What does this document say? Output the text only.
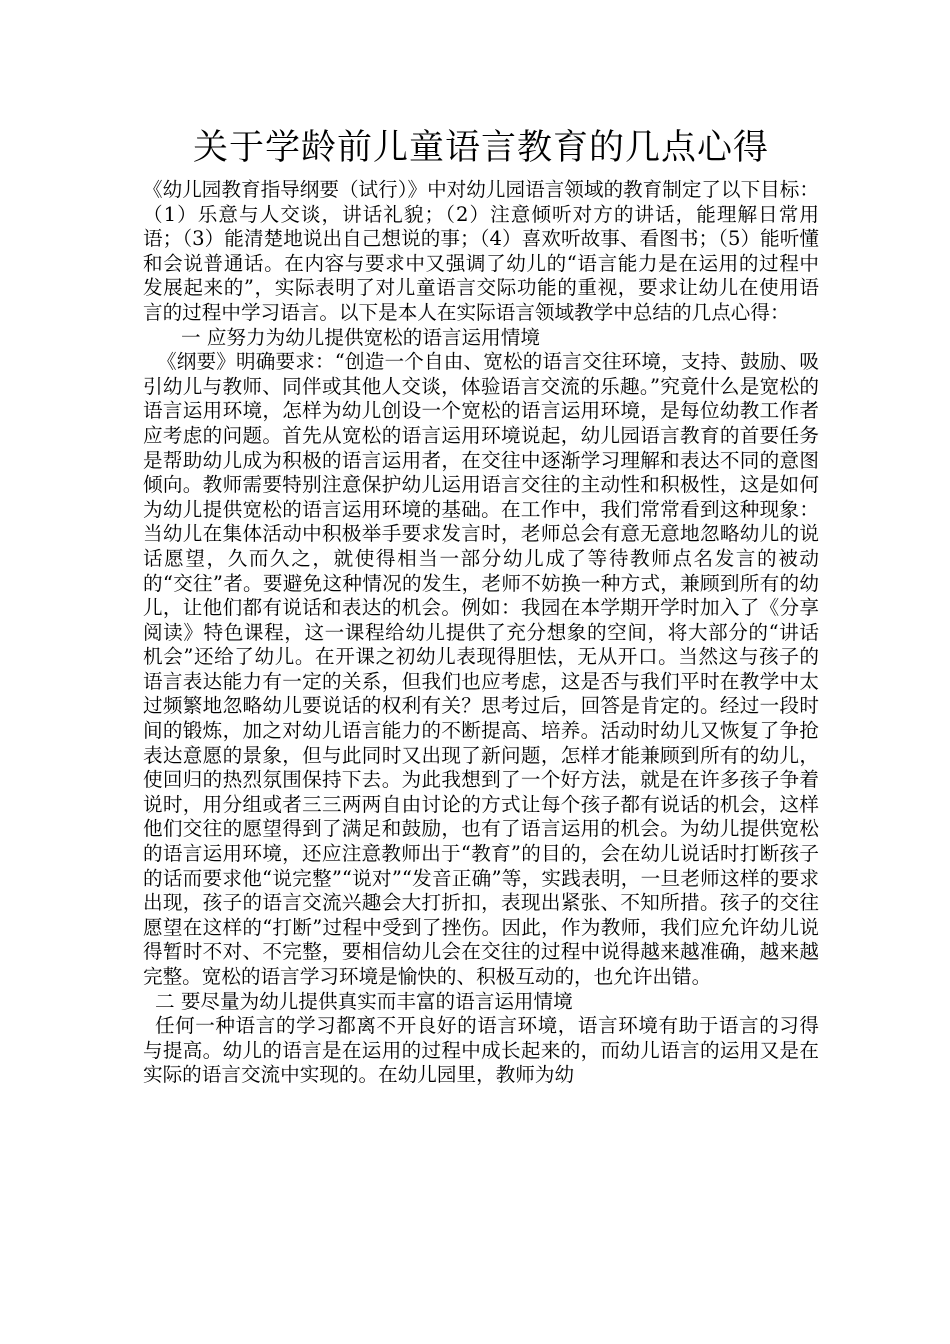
关于学龄前儿童语言教育的几点心得

《幼儿园教育指导纲要（试行）》中对幼儿园语言领域的教育制定了以下目标：（1）乐意与人交谈，讲话礼貌；（2）注意倾听对方的讲话，能理解日常用语；（3）能清楚地说出自己想说的事；（4）喜欢听故事、看图书；（5）能听懂和会说普通话。在内容与要求中又强调了幼儿的“语言能力是在运用的过程中发展起来的”，实际表明了对儿童语言交际功能的重视，要求让幼儿在使用语言的过程中学习语言。以下是本人在实际语言领域教学中总结的几点心得：

一 应努力为幼儿提供宽松的语言运用情境

《纲要》明确要求：“创造一个自由、宽松的语言交往环境，支持、鼓励、吸引幼儿与教师、同伴或其他人交谈，体验语言交流的乐趣。”究竟什么是宽松的语言运用环境，怎样为幼儿创设一个宽松的语言运用环境，是每位幼教工作者应考虑的问题。首先从宽松的语言运用环境说起，幼儿园语言教育的首要任务是帮助幼儿成为积极的语言运用者，在交往中逐渐学习理解和表达不同的意图倾向。教师需要特别注意保护幼儿运用语言交往的主动性和积极性，这是如何为幼儿提供宽松的语言运用环境的基础。在工作中，我们常常看到这种现象：当幼儿在集体活动中积极举手要求发言时，老师总会有意无意地忽略幼儿的说话愿望，久而久之，就使得相当一部分幼儿成了等待教师点名发言的被动的“交往”者。要避免这种情况的发生，老师不妨换一种方式，兼顾到所有的幼儿，让他们都有说话和表达的机会。例如：我园在本学期开学时加入了《分享阅读》特色课程，这一课程给幼儿提供了充分想象的空间，将大部分的“讲话机会”还给了幼儿。在开课之初幼儿表现得胆怯，无从开口。当然这与孩子的语言表达能力有一定的关系，但我们也应考虑，这是否与我们平时在教学中太过频繁地忽略幼儿要说话的权利有关？思考过后，回答是肯定的。经过一段时间的锻炼，加之对幼儿语言能力的不断提高、培养。活动时幼儿又恢复了争抢表达意愿的景象，但与此同时又出现了新问题，怎样才能兼顾到所有的幼儿，使回归的热烈氛围保持下去。为此我想到了一个好方法，就是在许多孩子争着说时，用分组或者三三两两自由讨论的方式让每个孩子都有说话的机会，这样他们交往的愿望得到了满足和鼓励，也有了语言运用的机会。为幼儿提供宽松的语言运用环境，还应注意教师出于“教育”的目的，会在幼儿说话时打断孩子的话而要求他“说完整”“说对”“发音正确”等，实践表明，一旦老师这样的要求出现，孩子的语言交流兴趣会大打折扣，表现出紧张、不知所措。孩子的交往愿望在这样的“打断”过程中受到了挫伤。因此，作为教师，我们应允许幼儿说得暂时不对、不完整，要相信幼儿会在交往的过程中说得越来越准确，越来越完整。宽松的语言学习环境是愉快的、积极互动的，也允许出错。

二 要尽量为幼儿提供真实而丰富的语言运用情境

任何一种语言的学习都离不开良好的语言环境，语言环境有助于语言的习得与提高。幼儿的语言是在运用的过程中成长起来的，而幼儿语言的运用又是在实际的语言交流中实现的。在幼儿园里，教师为幼
